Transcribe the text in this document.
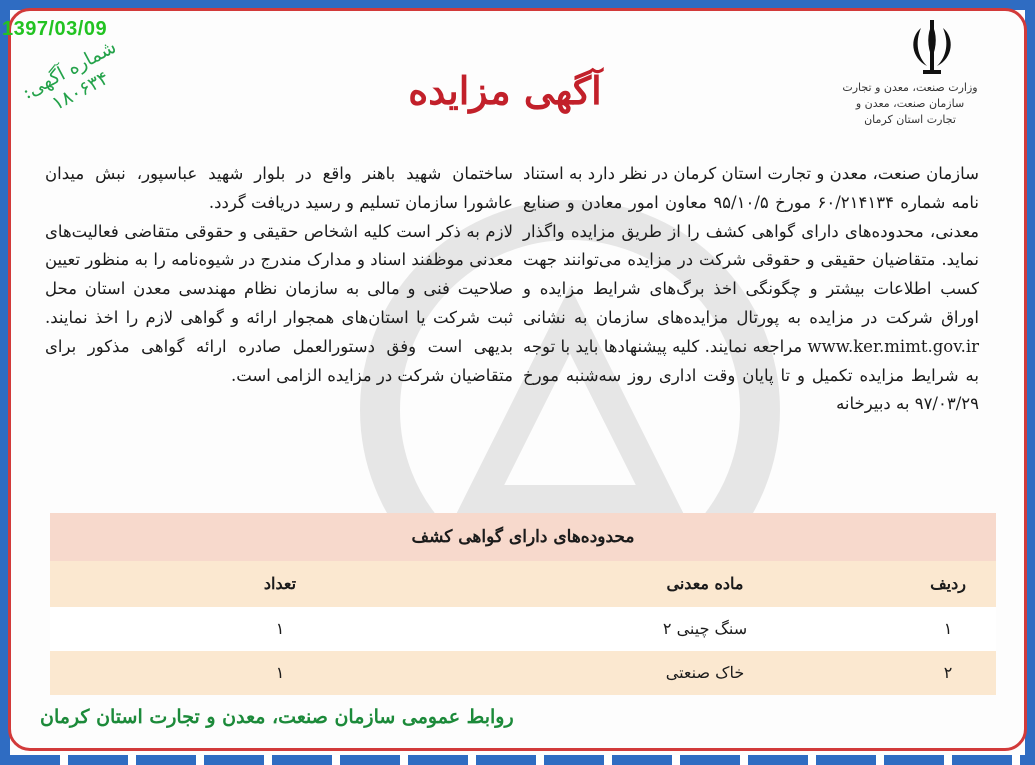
1397/03/09
شماره آگهی: ۱۸۰۶۳۴	وزارت صنعت، معدن و تجارت
سازمان صنعت، معدن و
تجارت استان کرمان
آگهی مزایده

سازمان صنعت، معدن و تجارت استان کرمان در نظر دارد به استناد نامه شماره ۶۰/۲۱۴۱۳۴ مورخ ۹۵/۱۰/۵ معاون امور معادن و صنایع معدنی، محدوده‌های دارای گواهی کشف را از طریق مزایده واگذار نماید. متقاضیان حقیقی و حقوقی شرکت در مزایده می‌توانند جهت کسب اطلاعات بیشتر و چگونگی اخذ برگ‌های شرایط مزایده و اوراق شرکت در مزایده به پورتال مزایده‌های سازمان به نشانی www.ker.mimt.gov.ir مراجعه نمایند. کلیه پیشنهادها باید با توجه به شرایط مزایده تکمیل و تا پایان وقت اداری روز سه‌شنبه مورخ ۹۷/۰۳/۲۹ به دبیرخانه

ساختمان شهید باهنر واقع در بلوار شهید عباسپور، نبش میدان عاشورا سازمان تسلیم و رسید دریافت گردد.

لازم به ذکر است کلیه اشخاص حقیقی و حقوقی متقاضی فعالیت‌های معدنی موظفند اسناد و مدارک مندرج در شیوه‌نامه را به منظور تعیین صلاحیت فنی و مالی به سازمان نظام مهندسی معدن استان محل ثبت شرکت یا استان‌های همجوار ارائه و گواهی لازم را اخذ نمایند. بدیهی است وفق دستورالعمل صادره ارائه گواهی مذکور برای متقاضیان شرکت در مزایده الزامی است.

محدوده‌های دارای گواهی کشف
ردیف
ماده معدنی
تعداد
۱
سنگ چینی ۲
۱
۲
خاک صنعتی
۱
روابط عمومی سازمان صنعت، معدن و تجارت استان کرمان
